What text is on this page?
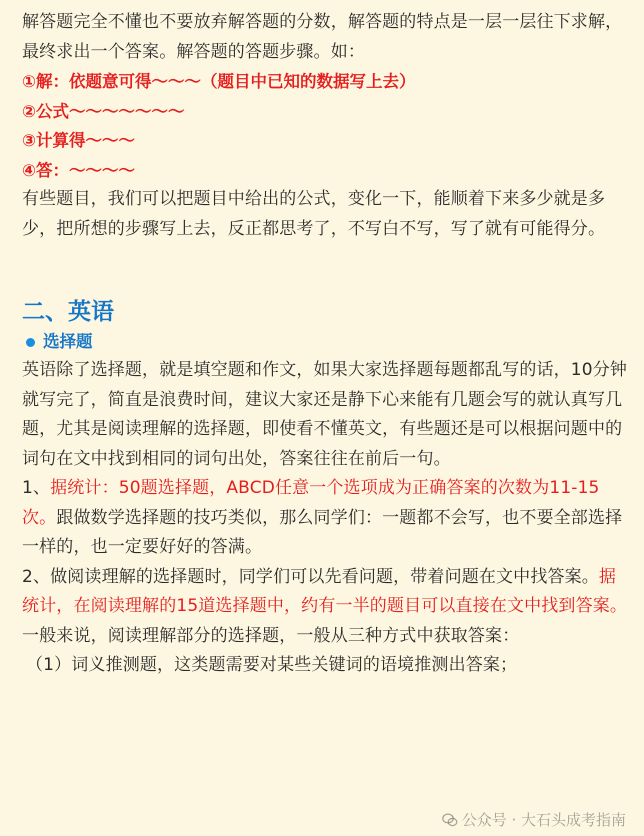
解答题完全不懂也不要放弃解答题的分数，解答题的特点是一层一层往下求解，最终求出一个答案。解答题的答题步骤。如：

①解：依题意可得～～～（题目中已知的数据写上去）

②公式～～～～～～～

③计算得～～～

④答：～～～～

有些题目，我们可以把题目中给出的公式，变化一下，能顺着下来多少就是多少，把所想的步骤写上去，反正都思考了，不写白不写，写了就有可能得分。

二、英语
选择题

英语除了选择题，就是填空题和作文，如果大家选择题每题都乱写的话，10分钟就写完了，简直是浪费时间，建议大家还是静下心来能有几题会写的就认真写几题，尤其是阅读理解的选择题，即使看不懂英文，有些题还是可以根据问题中的词句在文中找到相同的词句出处，答案往往在前后一句。

1、据统计：50题选择题，ABCD任意一个选项成为正确答案的次数为11-15次。跟做数学选择题的技巧类似，那么同学们：一题都不会写，也不要全部选择一样的，也一定要好好的答满。

2、做阅读理解的选择题时，同学们可以先看问题，带着问题在文中找答案。据统计，在阅读理解的15道选择题中，约有一半的题目可以直接在文中找到答案。一般来说，阅读理解部分的选择题，一般从三种方式中获取答案：

（1）词义推测题，这类题需要对某些关键词的语境推测出答案；

公众号 · 大石头成考指南
